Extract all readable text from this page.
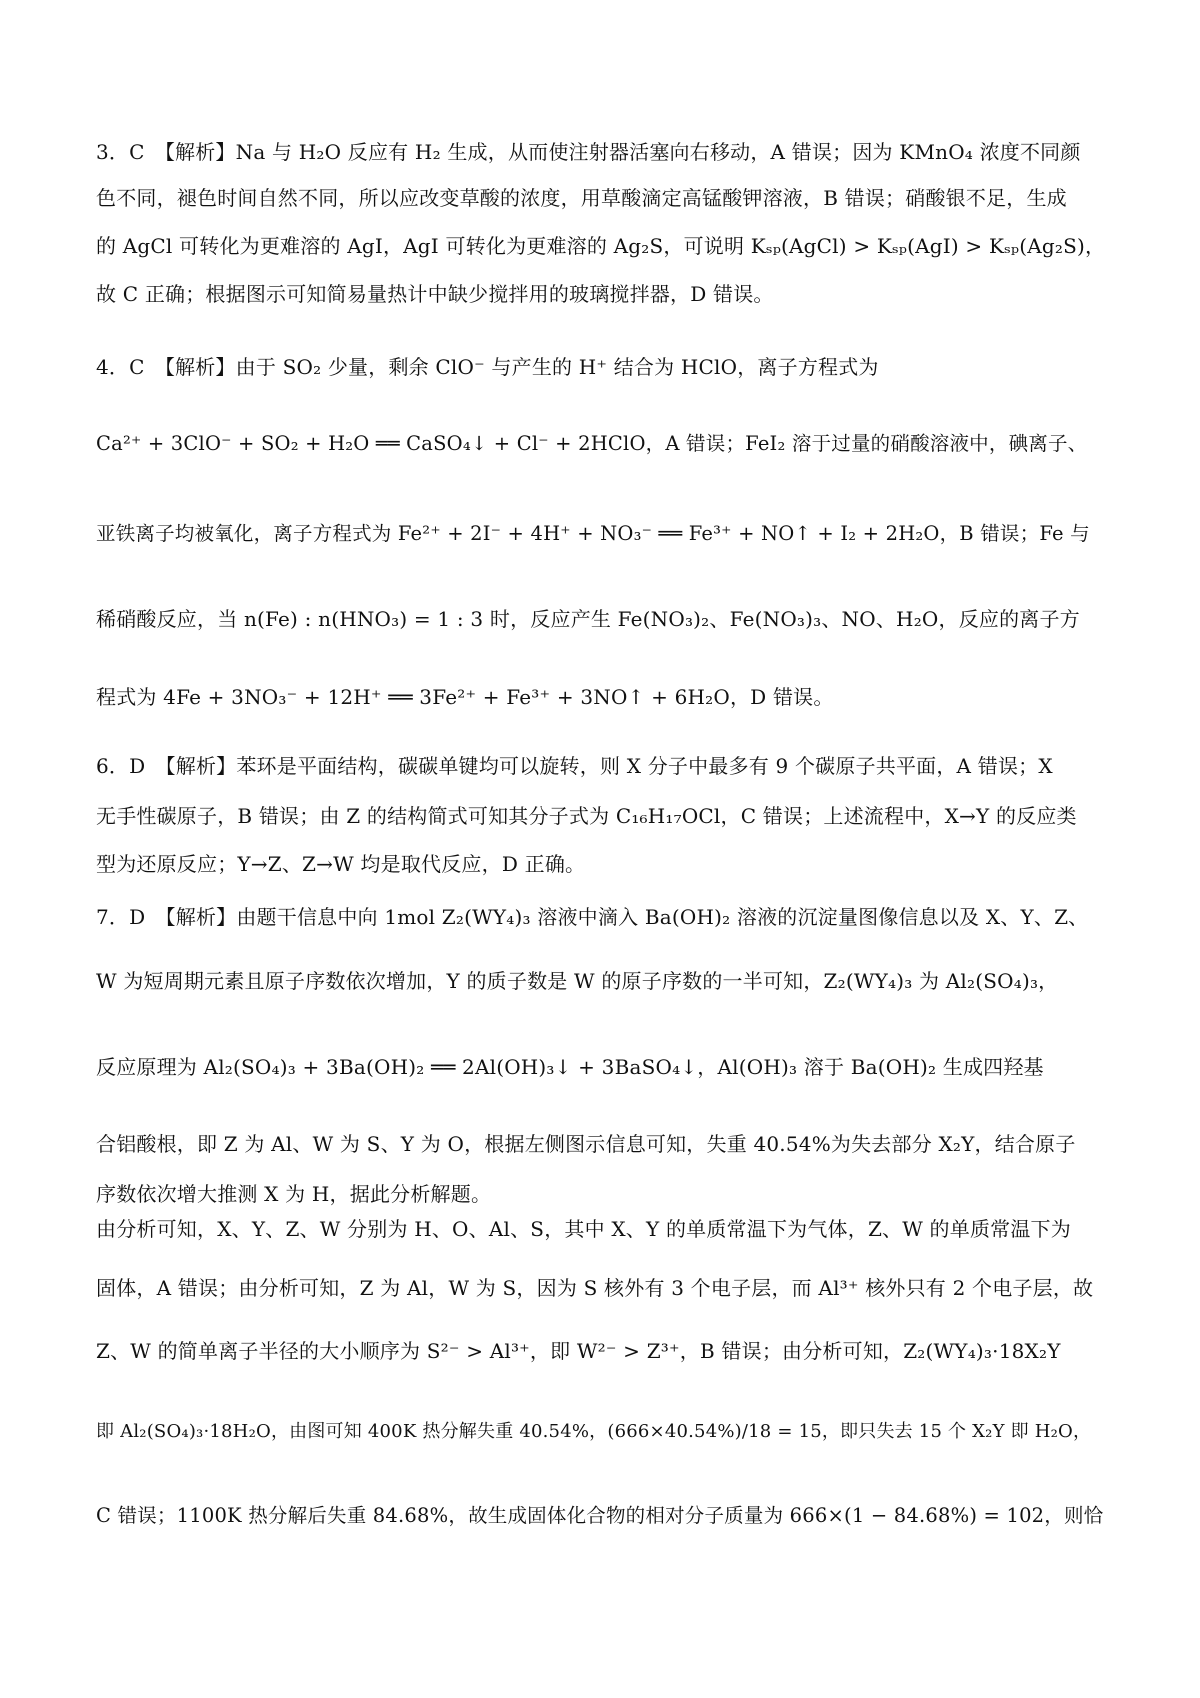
3．C　【解析】Na 与 H₂O 反应有 H₂ 生成，从而使注射器活塞向右移动，A 错误；因为 KMnO₄ 浓度不同颜
色不同，褪色时间自然不同，所以应改变草酸的浓度，用草酸滴定高锰酸钾溶液，B 错误；硝酸银不足，生成
的 AgCl 可转化为更难溶的 AgI，AgI 可转化为更难溶的 Ag₂S，可说明 Kₛₚ(AgCl) > Kₛₚ(AgI) > Kₛₚ(Ag₂S)，
故 C 正确；根据图示可知简易量热计中缺少搅拌用的玻璃搅拌器，D 错误。
4．C　【解析】由于 SO₂ 少量，剩余 ClO⁻ 与产生的 H⁺ 结合为 HClO，离子方程式为
Ca²⁺ + 3ClO⁻ + SO₂ + H₂O ══ CaSO₄↓ + Cl⁻ + 2HClO，A 错误；FeI₂ 溶于过量的硝酸溶液中，碘离子、
亚铁离子均被氧化，离子方程式为 Fe²⁺ + 2I⁻ + 4H⁺ + NO₃⁻ ══ Fe³⁺ + NO↑ + I₂ + 2H₂O，B 错误；Fe 与
稀硝酸反应，当 n(Fe) : n(HNO₃) = 1 : 3 时，反应产生 Fe(NO₃)₂、Fe(NO₃)₃、NO、H₂O，反应的离子方
程式为 4Fe + 3NO₃⁻ + 12H⁺ ══ 3Fe²⁺ + Fe³⁺ + 3NO↑ + 6H₂O，D 错误。
6．D　【解析】苯环是平面结构，碳碳单键均可以旋转，则 X 分子中最多有 9 个碳原子共平面，A 错误；X
无手性碳原子，B 错误；由 Z 的结构简式可知其分子式为 C₁₆H₁₇OCl，C 错误；上述流程中，X→Y 的反应类
型为还原反应；Y→Z、Z→W 均是取代反应，D 正确。
7．D　【解析】由题干信息中向 1mol Z₂(WY₄)₃ 溶液中滴入 Ba(OH)₂ 溶液的沉淀量图像信息以及 X、Y、Z、
W 为短周期元素且原子序数依次增加，Y 的质子数是 W 的原子序数的一半可知，Z₂(WY₄)₃ 为 Al₂(SO₄)₃，
反应原理为 Al₂(SO₄)₃ + 3Ba(OH)₂ ══ 2Al(OH)₃↓ + 3BaSO₄↓，Al(OH)₃ 溶于 Ba(OH)₂ 生成四羟基
合铝酸根，即 Z 为 Al、W 为 S、Y 为 O，根据左侧图示信息可知，失重 40.54%为失去部分 X₂Y，结合原子
序数依次增大推测 X 为 H，据此分析解题。
由分析可知，X、Y、Z、W 分别为 H、O、Al、S，其中 X、Y 的单质常温下为气体，Z、W 的单质常温下为
固体，A 错误；由分析可知，Z 为 Al，W 为 S，因为 S 核外有 3 个电子层，而 Al³⁺ 核外只有 2 个电子层，故
Z、W 的简单离子半径的大小顺序为 S²⁻ > Al³⁺，即 W²⁻ > Z³⁺，B 错误；由分析可知，Z₂(WY₄)₃·18X₂Y
即 Al₂(SO₄)₃·18H₂O，由图可知 400K 热分解失重 40.54%，(666×40.54%)/18 = 15，即只失去 15 个 X₂Y 即 H₂O，
C 错误；1100K 热分解后失重 84.68%，故生成固体化合物的相对分子质量为 666×(1 − 84.68%) = 102，则恰
